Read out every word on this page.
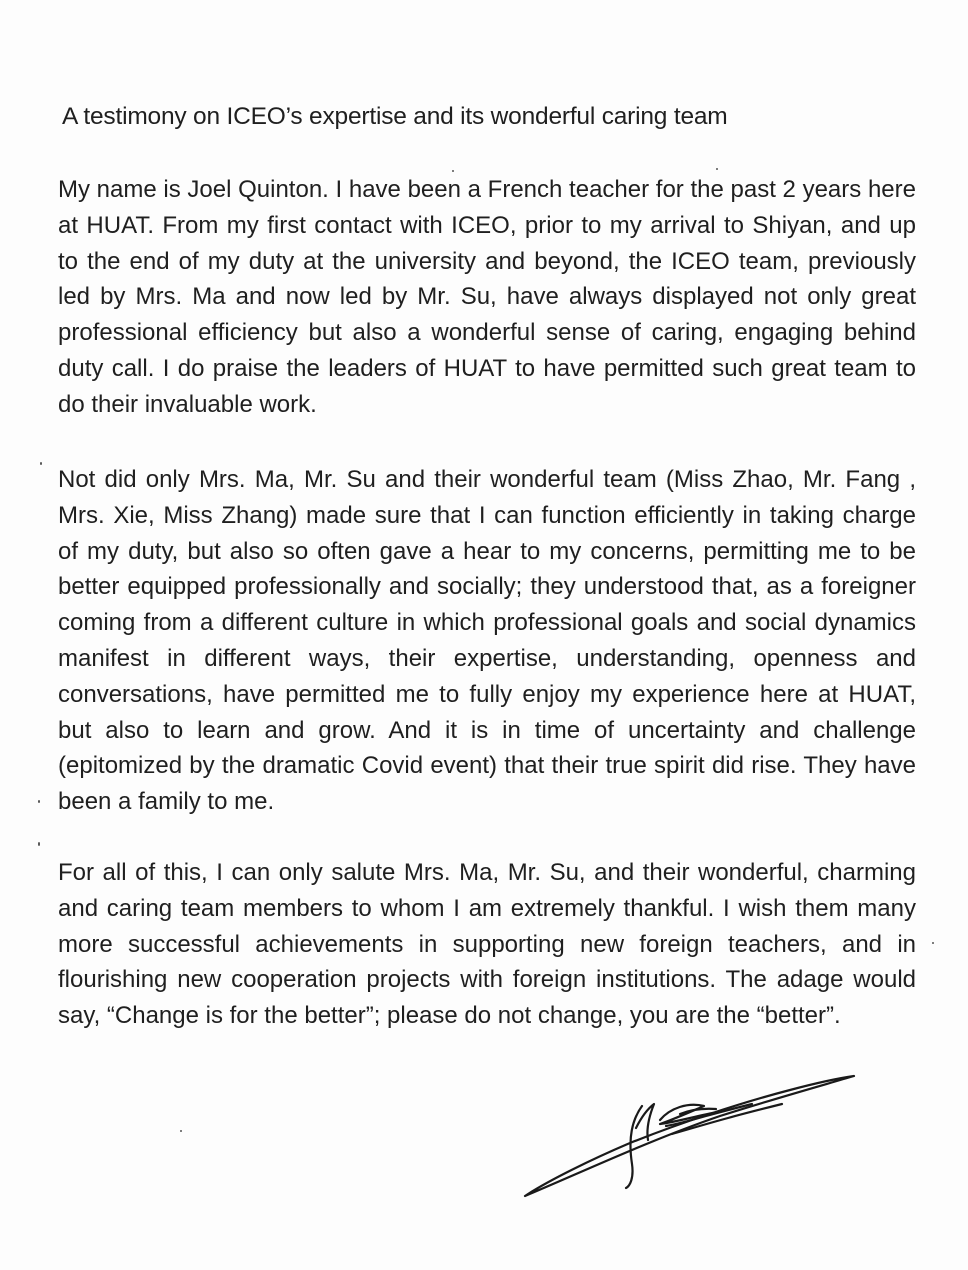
A testimony on ICEO’s expertise and its wonderful caring team

My name is Joel Quinton. I have been a French teacher for the past 2 years here at HUAT. From my first contact with ICEO, prior to my arrival to Shiyan, and up to the end of my duty at the university and beyond, the ICEO team, previously led by Mrs. Ma and now led by Mr. Su, have always displayed not only great professional efficiency but also a wonderful sense of caring, engaging behind duty call. I do praise the leaders of HUAT to have permitted such great team to do their invaluable work.

Not did only Mrs. Ma, Mr. Su and their wonderful team (Miss Zhao, Mr. Fang , Mrs. Xie, Miss Zhang) made sure that I can function efficiently in taking charge of my duty, but also so often gave a hear to my concerns, permitting me to be better equipped professionally and socially; they understood that, as a foreigner coming from a different culture in which professional goals and social dynamics manifest in different ways, their expertise, understanding, openness and conversations, have permitted me to fully enjoy my experience here at HUAT, but also to learn and grow. And it is in time of uncertainty and challenge (epitomized by the dramatic Covid event) that their true spirit did rise. They have been a family to me.

For all of this, I can only salute Mrs. Ma, Mr. Su, and their wonderful, charming and caring team members to whom I am extremely thankful. I wish them many more successful achievements in supporting new foreign teachers, and in flourishing new cooperation projects with foreign institutions. The adage would say, “Change is for the better”; please do not change, you are the “better”.
